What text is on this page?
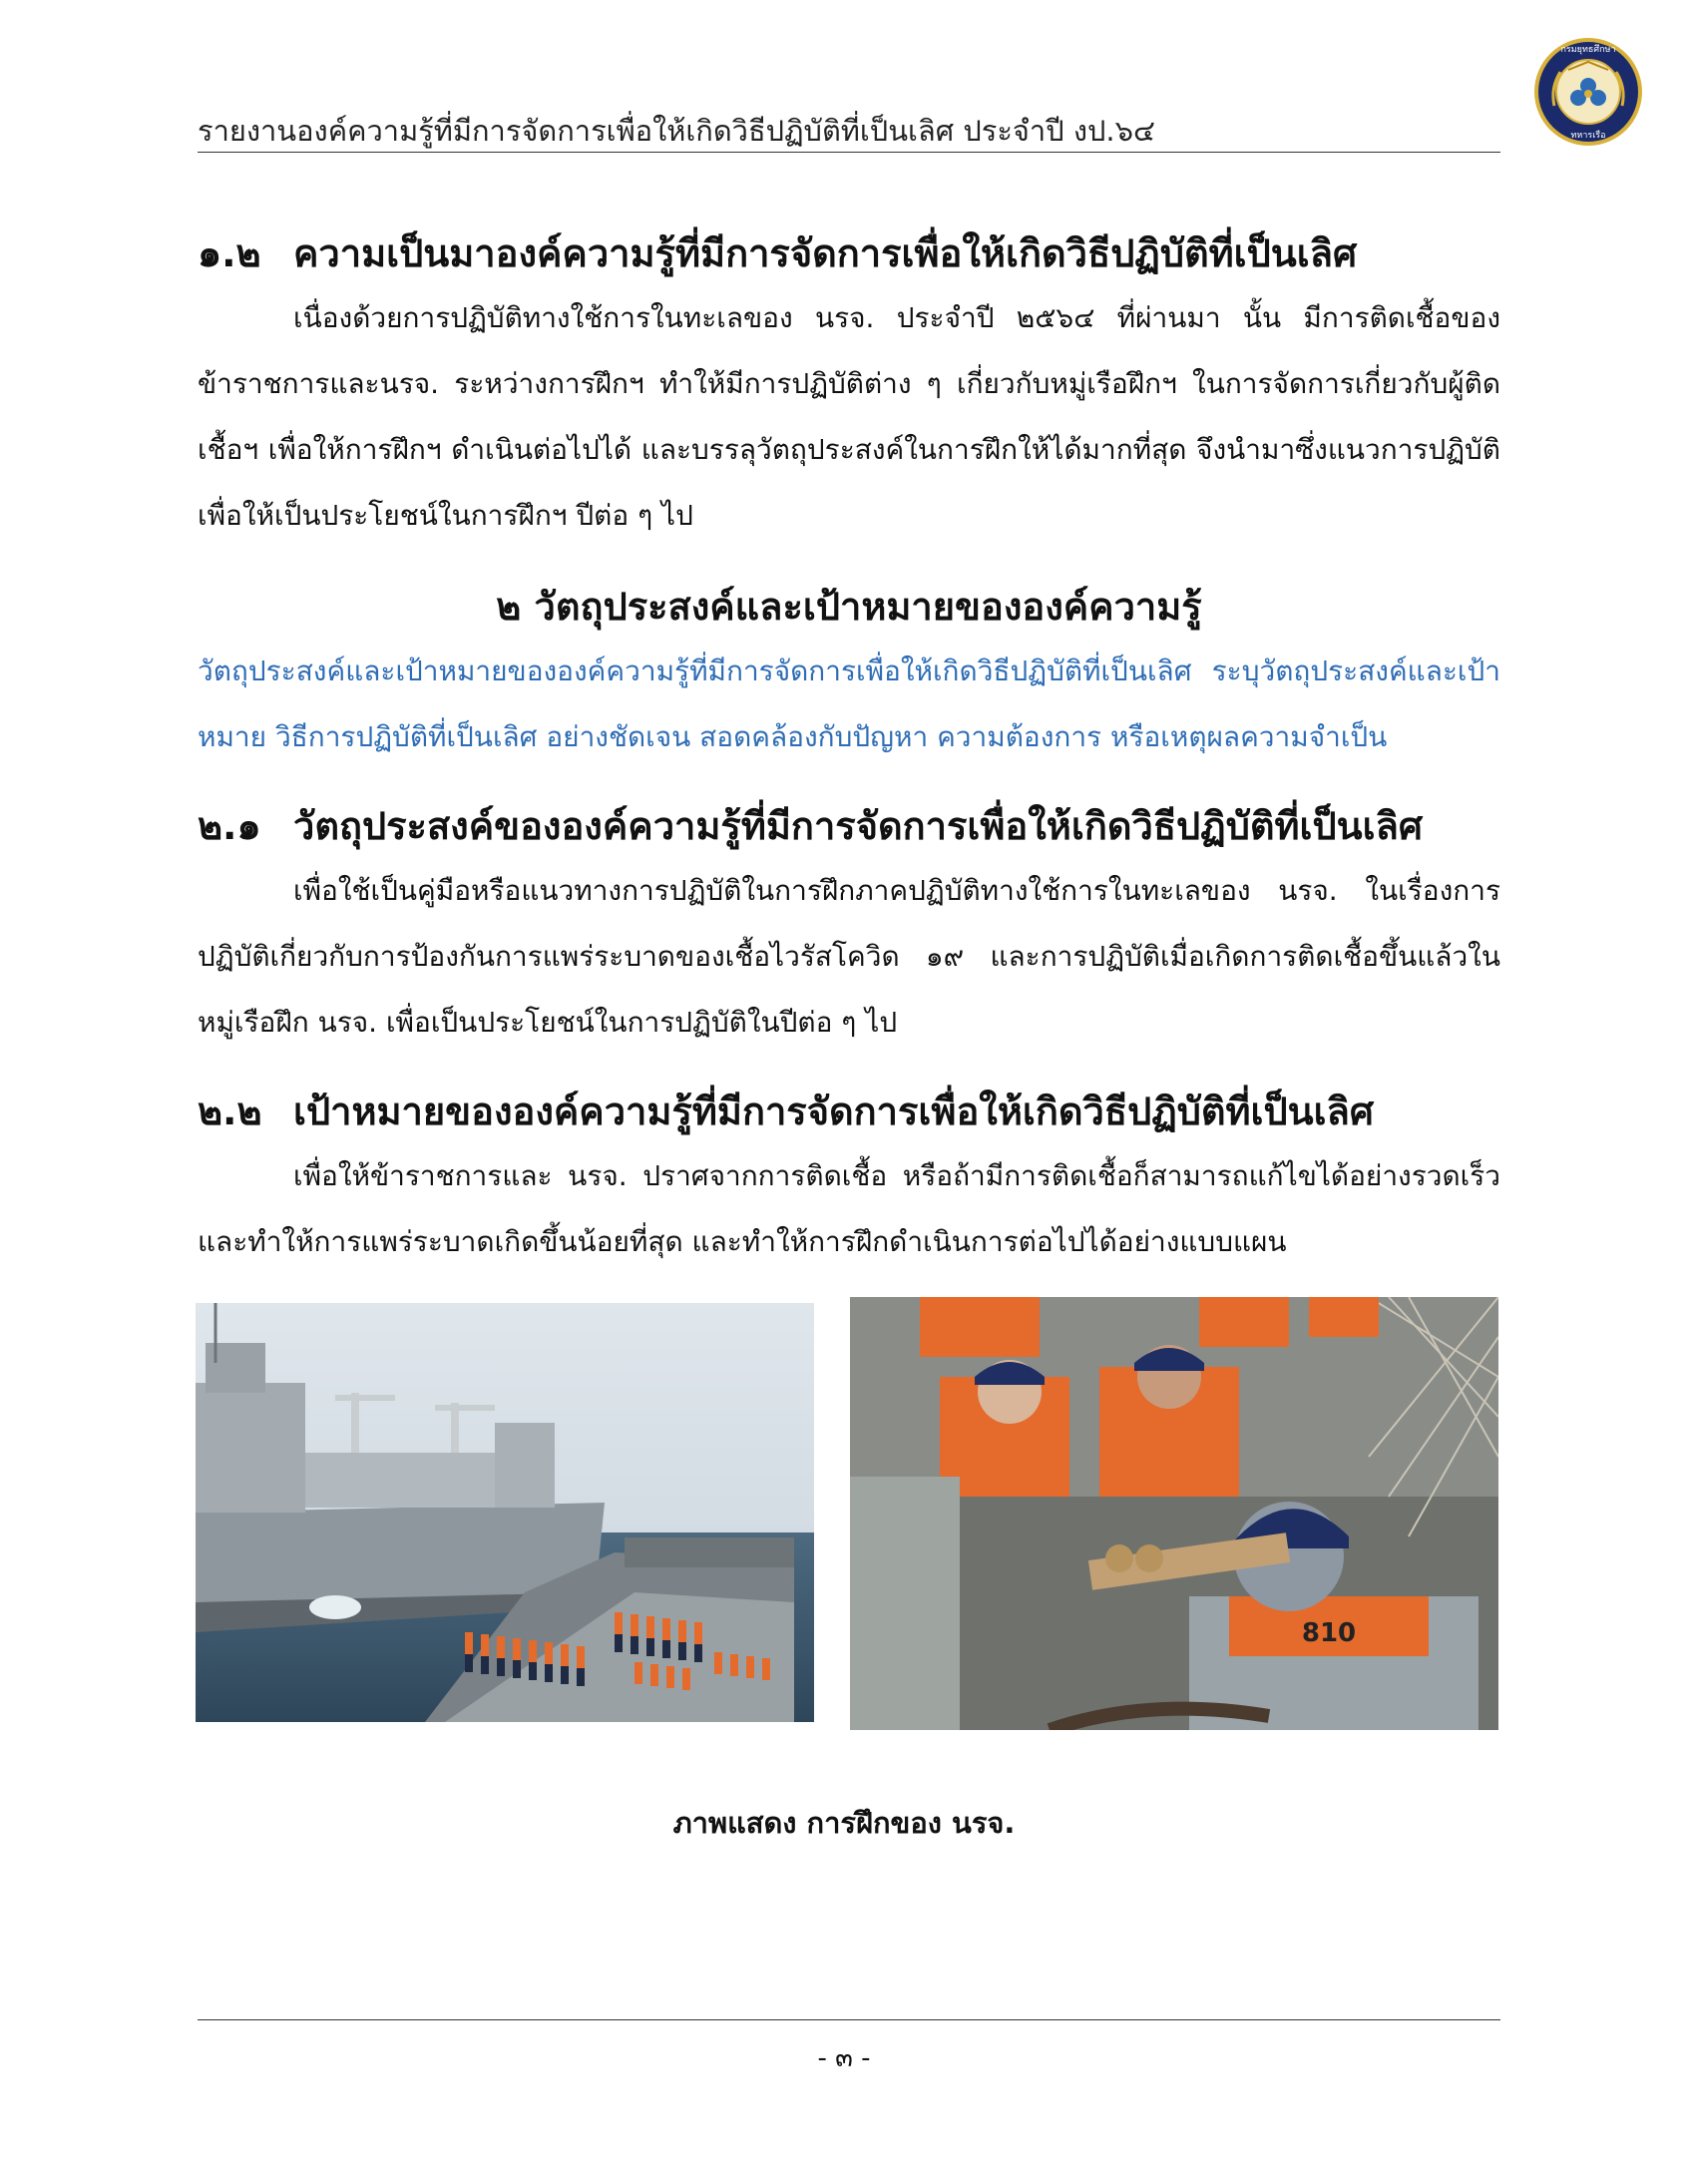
รายงานองค์ความรู้ที่มีการจัดการเพื่อให้เกิดวิธีปฏิบัติที่เป็นเลิศ ประจำปี งป.๖๔
กรมยุทธศึกษา
ทหารเรือ
๑.๒ ความเป็นมาองค์ความรู้ที่มีการจัดการเพื่อให้เกิดวิธีปฏิบัติที่เป็นเลิศ

เนื่องด้วยการปฏิบัติทางใช้การในทะเลของ นรจ. ประจำปี ๒๕๖๔ ที่ผ่านมา นั้น มีการติดเชื้อของข้าราชการและนรจ. ระหว่างการฝึกฯ ทำให้มีการปฏิบัติต่าง ๆ เกี่ยวกับหมู่เรือฝึกฯ ในการจัดการเกี่ยวกับผู้ติดเชื้อฯ เพื่อให้การฝึกฯ ดำเนินต่อไปได้ และบรรลุวัตถุประสงค์ในการฝึกให้ได้มากที่สุด จึงนำมาซึ่งแนวการปฏิบัติเพื่อให้เป็นประโยชน์ในการฝึกฯ ปีต่อ ๆ ไป

๒ วัตถุประสงค์และเป้าหมายขององค์ความรู้

วัตถุประสงค์และเป้าหมายขององค์ความรู้ที่มีการจัดการเพื่อให้เกิดวิธีปฏิบัติที่เป็นเลิศ ระบุวัตถุประสงค์และเป้าหมาย วิธีการปฏิบัติที่เป็นเลิศ อย่างชัดเจน สอดคล้องกับปัญหา ความต้องการ หรือเหตุผลความจำเป็น

๒.๑ วัตถุประสงค์ขององค์ความรู้ที่มีการจัดการเพื่อให้เกิดวิธีปฏิบัติที่เป็นเลิศ

เพื่อใช้เป็นคู่มือหรือแนวทางการปฏิบัติในการฝึกภาคปฏิบัติทางใช้การในทะเลของ นรจ. ในเรื่องการปฏิบัติเกี่ยวกับการป้องกันการแพร่ระบาดของเชื้อไวรัสโควิด ๑๙ และการปฏิบัติเมื่อเกิดการติดเชื้อขึ้นแล้วในหมู่เรือฝึก นรจ. เพื่อเป็นประโยชน์ในการปฏิบัติในปีต่อ ๆ ไป

๒.๒ เป้าหมายขององค์ความรู้ที่มีการจัดการเพื่อให้เกิดวิธีปฏิบัติที่เป็นเลิศ

เพื่อให้ข้าราชการและ นรจ. ปราศจากการติดเชื้อ หรือถ้ามีการติดเชื้อก็สามารถแก้ไขได้อย่างรวดเร็ว และทำให้การแพร่ระบาดเกิดขึ้นน้อยที่สุด และทำให้การฝึกดำเนินการต่อไปได้อย่างแบบแผน

810
ภาพแสดง การฝึกของ นรจ.
- ๓ -
